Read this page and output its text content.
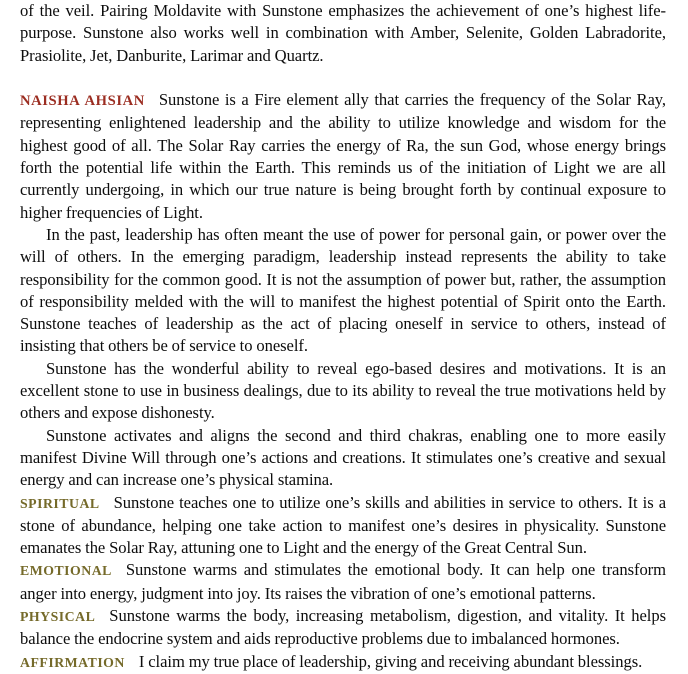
of the veil. Pairing Moldavite with Sunstone emphasizes the achievement of one’s highest life-purpose. Sunstone also works well in combination with Amber, Selenite, Golden Labradorite, Prasiolite, Jet, Danburite, Larimar and Quartz.

NAISHA AHSIAN Sunstone is a Fire element ally that carries the frequency of the Solar Ray, representing enlightened leadership and the ability to utilize knowledge and wisdom for the highest good of all. The Solar Ray carries the energy of Ra, the sun God, whose energy brings forth the potential life within the Earth. This reminds us of the initiation of Light we are all currently undergoing, in which our true nature is being brought forth by continual exposure to higher frequencies of Light.

In the past, leadership has often meant the use of power for personal gain, or power over the will of others. In the emerging paradigm, leadership instead represents the ability to take responsibility for the common good. It is not the assumption of power but, rather, the assumption of responsibility melded with the will to manifest the highest potential of Spirit onto the Earth. Sunstone teaches of leadership as the act of placing oneself in service to others, instead of insisting that others be of service to oneself.

Sunstone has the wonderful ability to reveal ego-based desires and motivations. It is an excellent stone to use in business dealings, due to its ability to reveal the true motivations held by others and expose dishonesty.

Sunstone activates and aligns the second and third chakras, enabling one to more easily manifest Divine Will through one’s actions and creations. It stimulates one’s creative and sexual energy and can increase one’s physical stamina.

SPIRITUAL Sunstone teaches one to utilize one’s skills and abilities in service to others. It is a stone of abundance, helping one take action to manifest one’s desires in physicality. Sunstone emanates the Solar Ray, attuning one to Light and the energy of the Great Central Sun.

EMOTIONAL Sunstone warms and stimulates the emotional body. It can help one transform anger into energy, judgment into joy. Its raises the vibration of one’s emotional patterns.

PHYSICAL Sunstone warms the body, increasing metabolism, digestion, and vitality. It helps balance the endocrine system and aids reproductive problems due to imbalanced hormones.

AFFIRMATION I claim my true place of leadership, giving and receiving abundant blessings.
